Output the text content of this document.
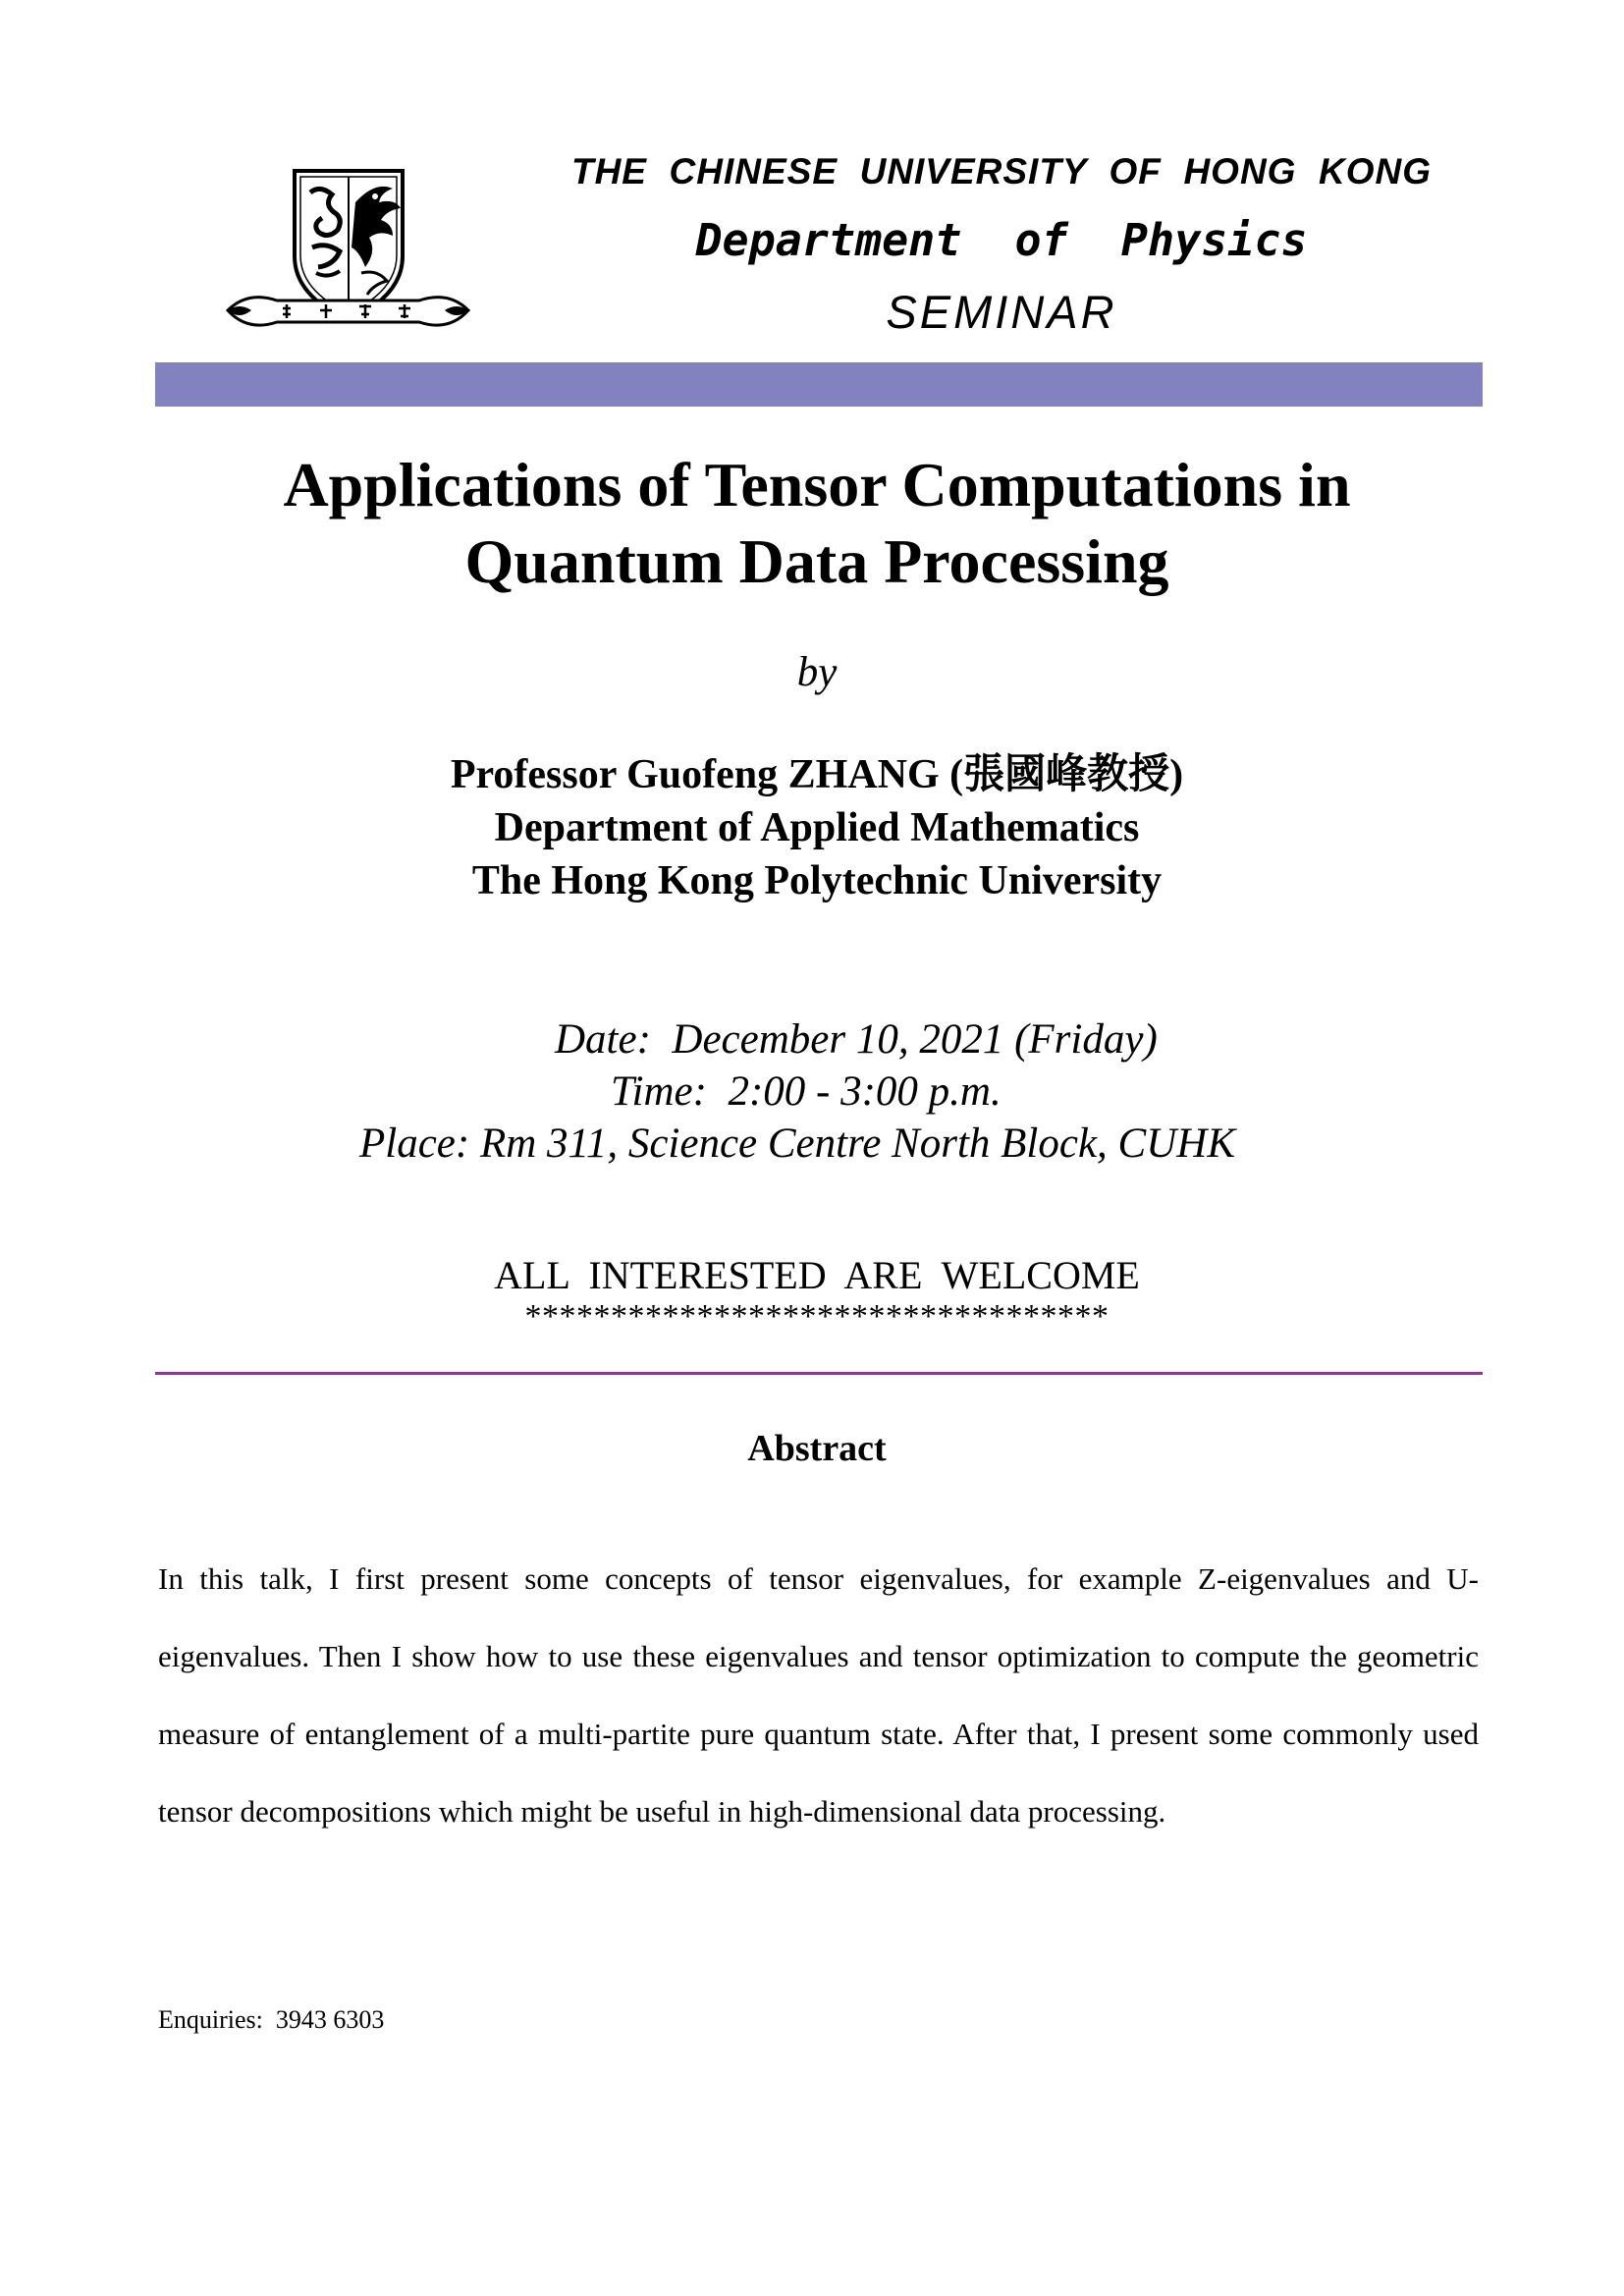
THE  CHINESE  UNIVERSITY  OF  HONG  KONG
Department  of  Physics
SEMINAR
Applications of Tensor Computations in
Quantum Data Processing
by
Professor Guofeng ZHANG (張國峰教授)
Department of Applied Mathematics
The Hong Kong Polytechnic University
Date:  December 10, 2021 (Friday)
Time:  2:00 - 3:00 p.m.
Place: Rm 311, Science Centre North Block, CUHK
ALL  INTERESTED  ARE  WELCOME
**********************************
Abstract
In this talk, I first present some concepts of tensor eigenvalues, for example Z-eigenvalues and U-eigenvalues. Then I show how to use these eigenvalues and tensor optimization to compute the geometric measure of entanglement of a multi-partite pure quantum state. After that, I present some commonly used tensor decompositions which might be useful in high-dimensional data processing.
Enquiries:  3943 6303
